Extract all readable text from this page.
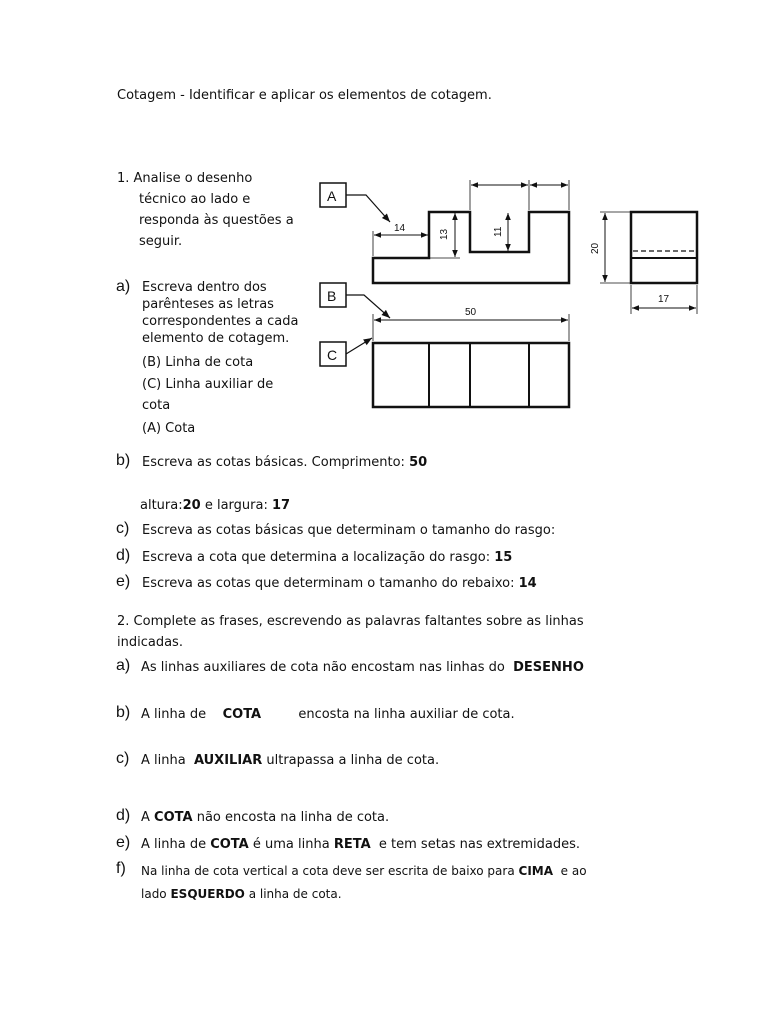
Cotagem - Identificar e aplicar os elementos de cotagem.
1. Analise o desenho
técnico ao lado e
responda às questões a
seguir.
a) Escreva dentro dos
parênteses as letras
correspondentes a cada
elemento de cotagem.
(B) Linha de cota
(C) Linha auxiliar de
cota
(A) Cota
b) Escreva as cotas básicas. Comprimento: 50
altura:20 e largura: 17
c) Escreva as cotas básicas que determinam o tamanho do rasgo:
d) Escreva a cota que determina a localização do rasgo: 15
e) Escreva as cotas que determinam o tamanho do rebaixo: 14
2. Complete as frases, escrevendo as palavras faltantes sobre as linhas
indicadas.
a) As linhas auxiliares de cota não encostam nas linhas do DESENHO
b) A linha de COTA	encosta na linha auxiliar de cota.
c) A linha AUXILIAR ultrapassa a linha de cota.
d) A COTA não encosta na linha de cota.
e) A linha de COTA é uma linha RETA e tem setas nas extremidades.
f) Na linha de cota vertical a cota deve ser escrita de baixo para CIMA e ao
lado ESQUERDO a linha de cota.
A
B
C
14
13	11
50
20
17
